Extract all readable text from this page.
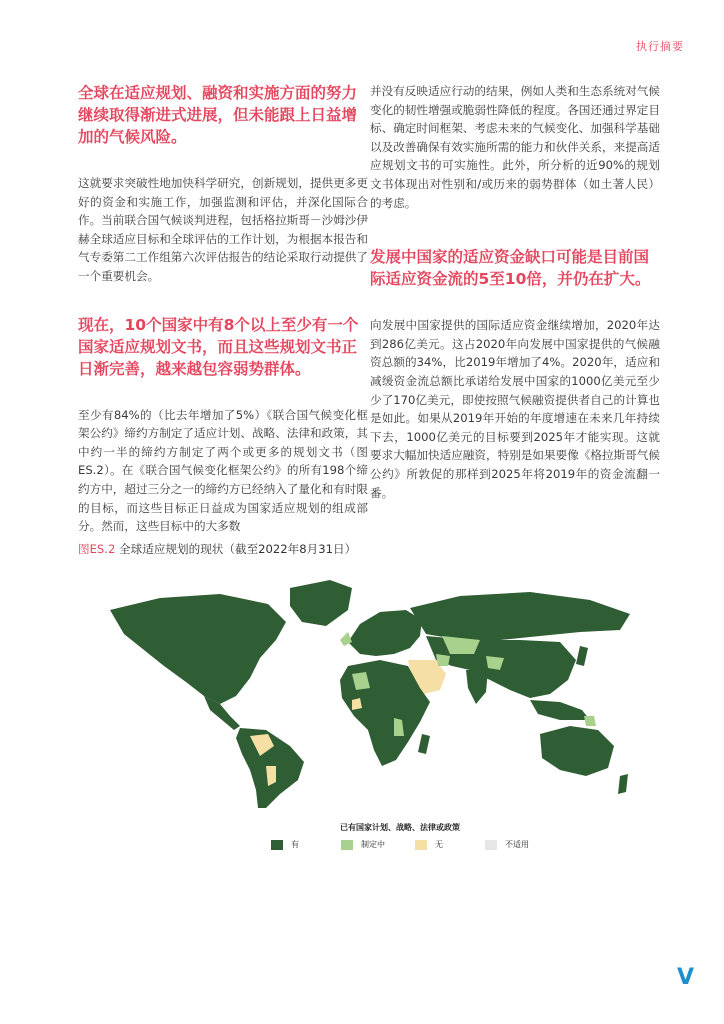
执行摘要

全球在适应规划、融资和实施方面的努力继续取得渐进式进展，但未能跟上日益增加的气候风险。

这就要求突破性地加快科学研究，创新规划，提供更多更好的资金和实施工作，加强监测和评估，并深化国际合作。当前联合国气候谈判进程，包括格拉斯哥－沙姆沙伊赫全球适应目标和全球评估的工作计划，为根据本报告和气专委第二工作组第六次评估报告的结论采取行动提供了一个重要机会。

现在，10个国家中有8个以上至少有一个国家适应规划文书，而且这些规划文书正日渐完善，越来越包容弱势群体。

至少有84%的（比去年增加了5%）《联合国气候变化框架公约》缔约方制定了适应计划、战略、法律和政策，其中约一半的缔约方制定了两个或更多的规划文书（图ES.2）。在《联合国气候变化框架公约》的所有198个缔约方中，超过三分之一的缔约方已经纳入了量化和有时限的目标，而这些目标正日益成为国家适应规划的组成部分。然而，这些目标中的大多数

并没有反映适应行动的结果，例如人类和生态系统对气候变化的韧性增强或脆弱性降低的程度。各国还通过界定目标、确定时间框架、考虑未来的气候变化、加强科学基础以及改善确保有效实施所需的能力和伙伴关系，来提高适应规划文书的可实施性。此外，所分析的近90%的规划文书体现出对性别和/或历来的弱势群体（如土著人民）的考虑。

发展中国家的适应资金缺口可能是目前国际适应资金流的5至10倍，并仍在扩大。

向发展中国家提供的国际适应资金继续增加，2020年达到286亿美元。这占2020年向发展中国家提供的气候融资总额的34%，比2019年增加了4%。2020年，适应和减缓资金流总额比承诺给发展中国家的1000亿美元至少少了170亿美元，即使按照气候融资提供者自己的计算也是如此。如果从2019年开始的年度增速在未来几年持续下去，1000亿美元的目标要到2025年才能实现。这就要求大幅加快适应融资，特别是如果要像《格拉斯哥气候公约》所敦促的那样到2025年将2019年的资金流翻一番。

图ES.2 全球适应规划的现状（截至2022年8月31日）
已有国家计划、战略、法律或政策
有	制定中	无	不适用
V
